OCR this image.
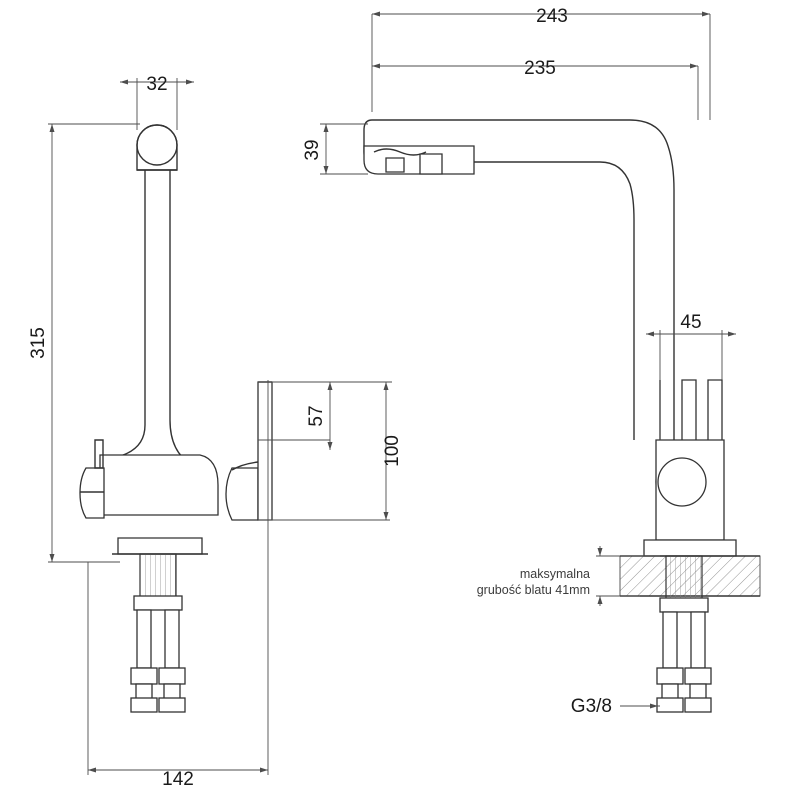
32
315
142
57
100
243
235
39
45
maksymalna
grubość blatu 41mm
G3/8
